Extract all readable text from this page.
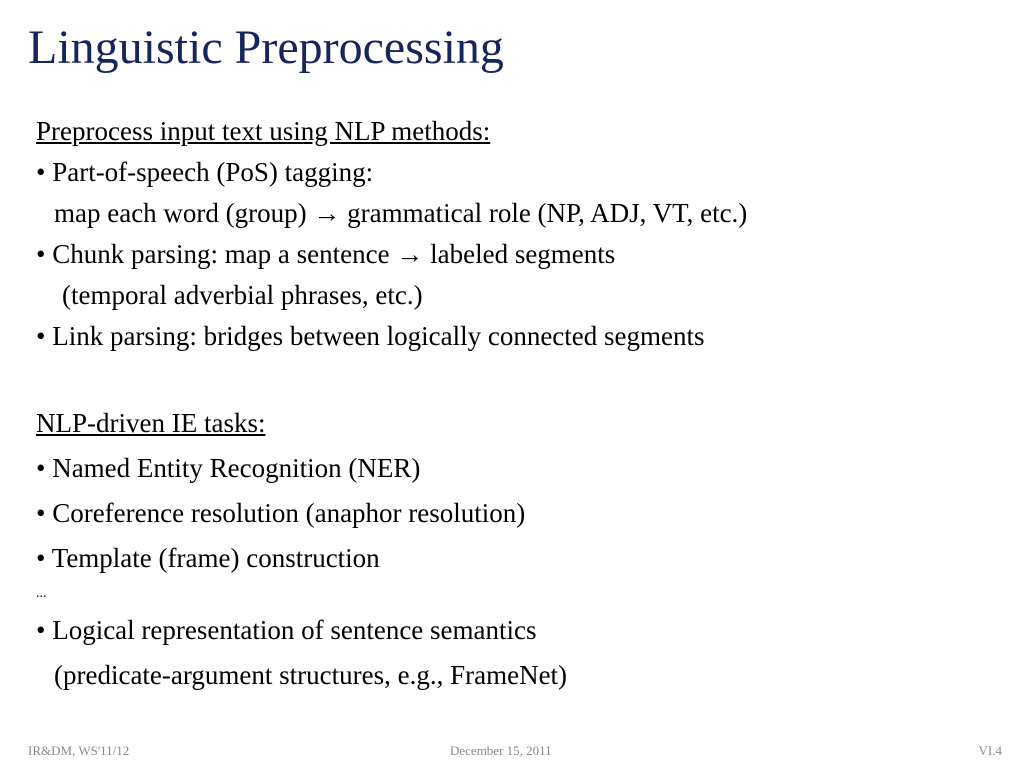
Linguistic Preprocessing
Preprocess input text using NLP methods:
• Part-of-speech (PoS) tagging:
map each word (group) → grammatical role (NP, ADJ, VT, etc.)
• Chunk parsing: map a sentence → labeled segments
(temporal adverbial phrases, etc.)
• Link parsing: bridges between logically connected segments
NLP-driven IE tasks:
• Named Entity Recognition (NER)
• Coreference resolution (anaphor resolution)
• Template (frame) construction
...
• Logical representation of sentence semantics
(predicate-argument structures, e.g., FrameNet)
IR&DM, WS'11/12	December 15, 2011	VI.4
